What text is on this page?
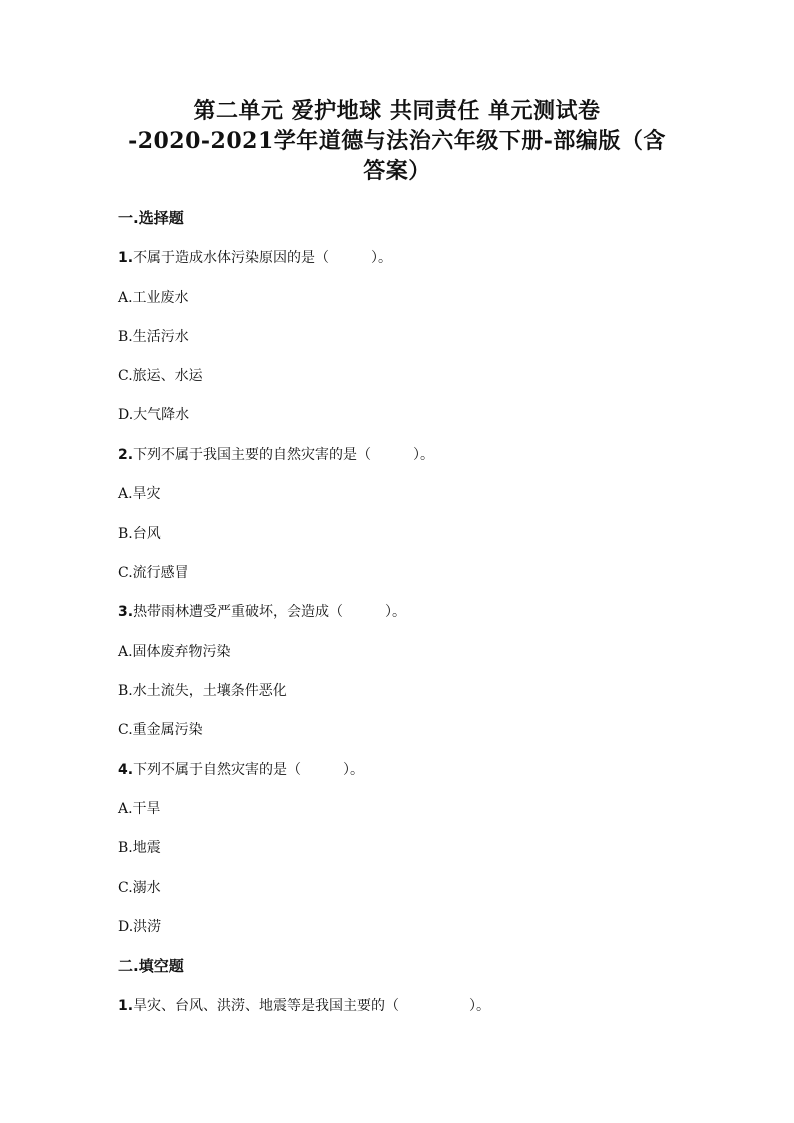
第二单元 爱护地球 共同责任 单元测试卷
-2020-2021学年道德与法治六年级下册-部编版（含
答案）
一.选择题
1.不属于造成水体污染原因的是（　　　）。
A.工业废水
B.生活污水
C.旅运、水运
D.大气降水
2.下列不属于我国主要的自然灾害的是（　　　）。
A.旱灾
B.台风
C.流行感冒
3.热带雨林遭受严重破坏，会造成（　　　）。
A.固体废弃物污染
B.水土流失，土壤条件恶化
C.重金属污染
4.下列不属于自然灾害的是（　　　）。
A.干旱
B.地震
C.溺水
D.洪涝
二.填空题
1.旱灾、台风、洪涝、地震等是我国主要的（　　　　　）。
